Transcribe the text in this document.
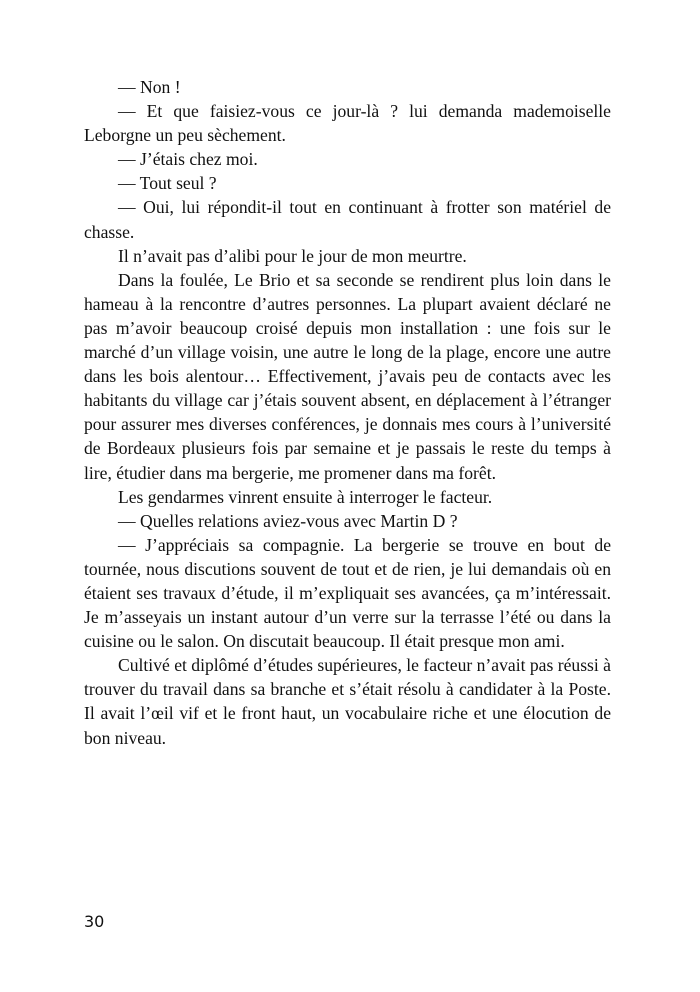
— Non !

— Et que faisiez-vous ce jour-là ? lui demanda mademoiselle Leborgne un peu sèchement.

— J’étais chez moi.

— Tout seul ?

— Oui, lui répondit-il tout en continuant à frotter son matériel de chasse.

Il n’avait pas d’alibi pour le jour de mon meurtre.

Dans la foulée, Le Brio et sa seconde se rendirent plus loin dans le hameau à la rencontre d’autres personnes. La plupart avaient déclaré ne pas m’avoir beaucoup croisé depuis mon installation : une fois sur le marché d’un village voisin, une autre le long de la plage, encore une autre dans les bois alentour… Effectivement, j’avais peu de contacts avec les habitants du village car j’étais souvent absent, en déplacement à l’étranger pour assurer mes diverses conférences, je donnais mes cours à l’université de Bordeaux plusieurs fois par semaine et je passais le reste du temps à lire, étudier dans ma bergerie, me promener dans ma forêt.

Les gendarmes vinrent ensuite à interroger le facteur.

— Quelles relations aviez-vous avec Martin D ?

— J’appréciais sa compagnie. La bergerie se trouve en bout de tournée, nous discutions souvent de tout et de rien, je lui demandais où en étaient ses travaux d’étude, il m’expliquait ses avancées, ça m’intéressait. Je m’asseyais un instant autour d’un verre sur la terrasse l’été ou dans la cuisine ou le salon. On discutait beaucoup. Il était presque mon ami.

Cultivé et diplômé d’études supérieures, le facteur n’avait pas réussi à trouver du travail dans sa branche et s’était résolu à candidater à la Poste. Il avait l’œil vif et le front haut, un vocabulaire riche et une élocution de bon niveau.

30
